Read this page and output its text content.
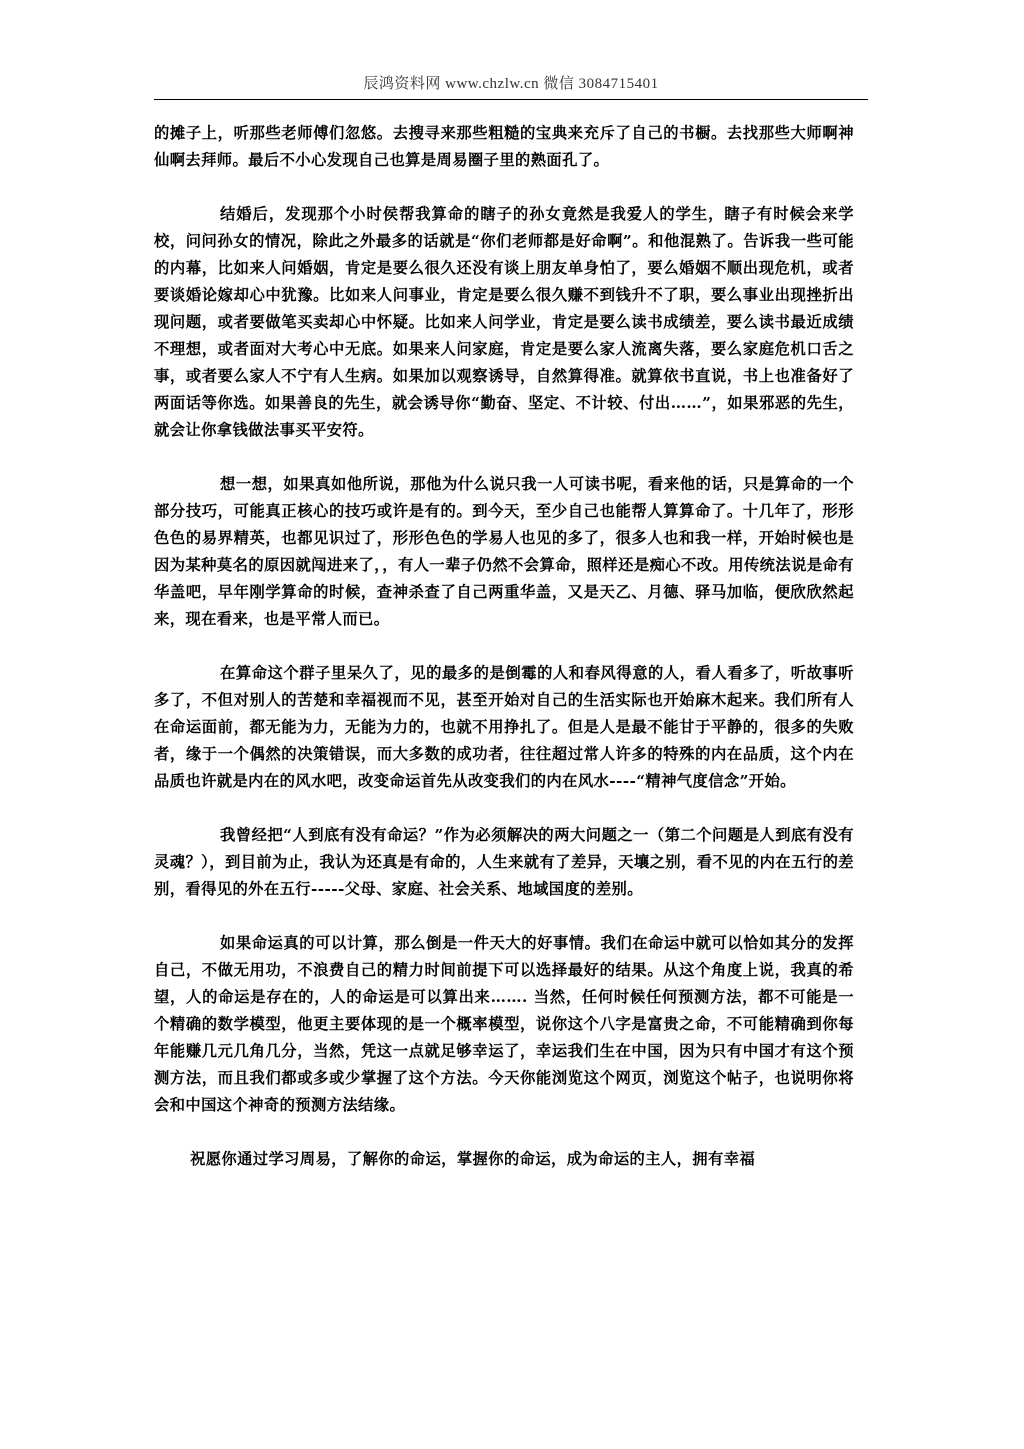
辰鸿资料网 www.chzlw.cn 微信 3084715401

的摊子上，听那些老师傅们忽悠。去搜寻来那些粗糙的宝典来充斥了自己的书橱。去找那些大师啊神仙啊去拜师。最后不小心发现自己也算是周易圈子里的熟面孔了。

结婚后，发现那个小时侯帮我算命的瞎子的孙女竟然是我爱人的学生，瞎子有时候会来学校，问问孙女的情况，除此之外最多的话就是“你们老师都是好命啊”。和他混熟了。告诉我一些可能的内幕，比如来人问婚姻，肯定是要么很久还没有谈上朋友单身怕了，要么婚姻不顺出现危机，或者要谈婚论嫁却心中犹豫。比如来人问事业，肯定是要么很久赚不到钱升不了职，要么事业出现挫折出现问题，或者要做笔买卖却心中怀疑。比如来人问学业，肯定是要么读书成绩差，要么读书最近成绩不理想，或者面对大考心中无底。如果来人问家庭，肯定是要么家人流离失落，要么家庭危机口舌之事，或者要么家人不宁有人生病。如果加以观察诱导，自然算得准。就算依书直说，书上也准备好了两面话等你选。如果善良的先生，就会诱导你“勤奋、坚定、不计较、付出……”，如果邪恶的先生，就会让你拿钱做法事买平安符。

想一想，如果真如他所说，那他为什么说只我一人可读书呢，看来他的话，只是算命的一个部分技巧，可能真正核心的技巧或许是有的。到今天，至少自己也能帮人算算命了。十几年了，形形色色的易界精英，也都见识过了，形形色色的学易人也见的多了，很多人也和我一样，开始时候也是因为某种莫名的原因就闯进来了，，有人一辈子仍然不会算命，照样还是痴心不改。用传统法说是命有华盖吧，早年刚学算命的时候，查神杀查了自己两重华盖，又是天乙、月德、驿马加临，便欣欣然起来，现在看来，也是平常人而已。

在算命这个群子里呆久了，见的最多的是倒霉的人和春风得意的人，看人看多了，听故事听多了，不但对别人的苦楚和幸福视而不见，甚至开始对自己的生活实际也开始麻木起来。我们所有人在命运面前，都无能为力，无能为力的，也就不用挣扎了。但是人是最不能甘于平静的，很多的失败者，缘于一个偶然的决策错误，而大多数的成功者，往往超过常人许多的特殊的内在品质，这个内在品质也许就是内在的风水吧，改变命运首先从改变我们的内在风水----“精神气度信念”开始。

我曾经把“人到底有没有命运？”作为必须解决的两大问题之一（第二个问题是人到底有没有灵魂？），到目前为止，我认为还真是有命的，人生来就有了差异，天壤之别，看不见的内在五行的差别，看得见的外在五行-----父母、家庭、社会关系、地域国度的差别。

如果命运真的可以计算，那么倒是一件天大的好事情。我们在命运中就可以恰如其分的发挥自己，不做无用功，不浪费自己的精力时间前提下可以选择最好的结果。从这个角度上说，我真的希望，人的命运是存在的，人的命运是可以算出来……. 当然，任何时候任何预测方法，都不可能是一个精确的数学模型，他更主要体现的是一个概率模型，说你这个八字是富贵之命，不可能精确到你每年能赚几元几角几分，当然，凭这一点就足够幸运了，幸运我们生在中国，因为只有中国才有这个预测方法，而且我们都或多或少掌握了这个方法。今天你能浏览这个网页，浏览这个帖子，也说明你将会和中国这个神奇的预测方法结缘。

祝愿你通过学习周易，了解你的命运，掌握你的命运，成为命运的主人，拥有幸福
